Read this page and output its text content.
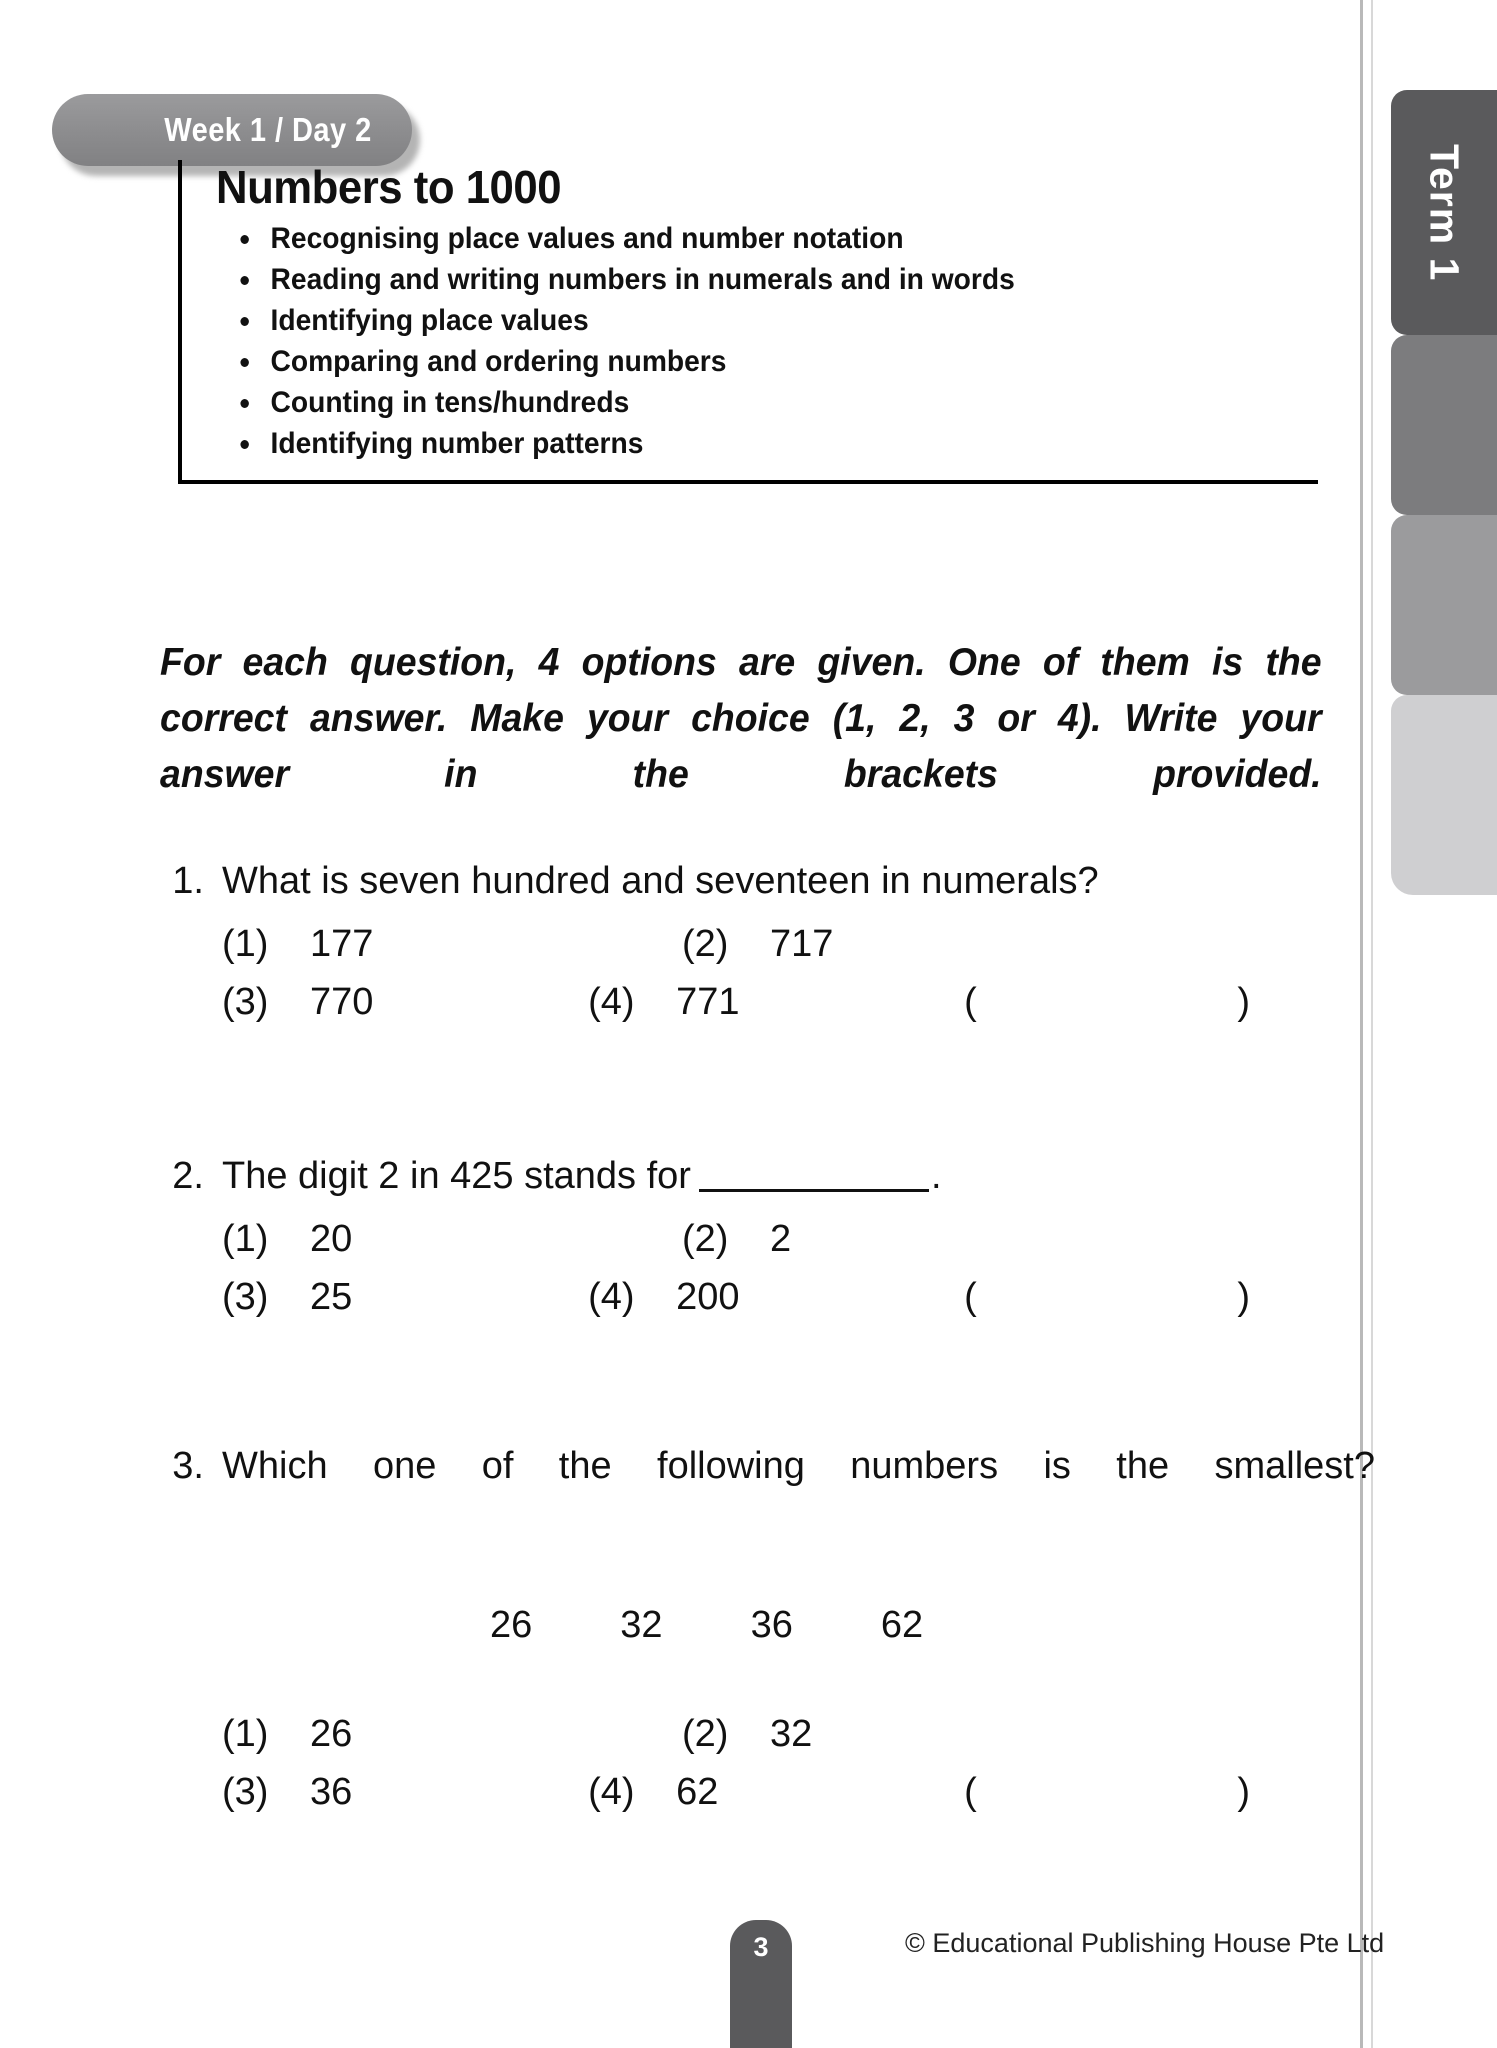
Term 1
Week 1 / Day 2
Numbers to 1000
Recognising place values and number notation
Reading and writing numbers in numerals and in words
Identifying place values
Comparing and ordering numbers
Counting in tens/hundreds
Identifying number patterns
For each question, 4 options are given. One of them is the correct answer. Make your choice (1, 2, 3 or 4). Write your answer in the brackets provided.
1. What is seven hundred and seventeen in numerals?
(1)	177	(2)	717
(3)	770	(4)	771	( )
2. The digit 2 in 425 stands for	.
(1)	20	(2)	2
(3)	25	(4)	200	( )
3. Which one of the following numbers is the smallest?
26 32 36 62
(1)	26	(2)	32
(3)	36	(4)	62	( )
3	© Educational Publishing House Pte Ltd
